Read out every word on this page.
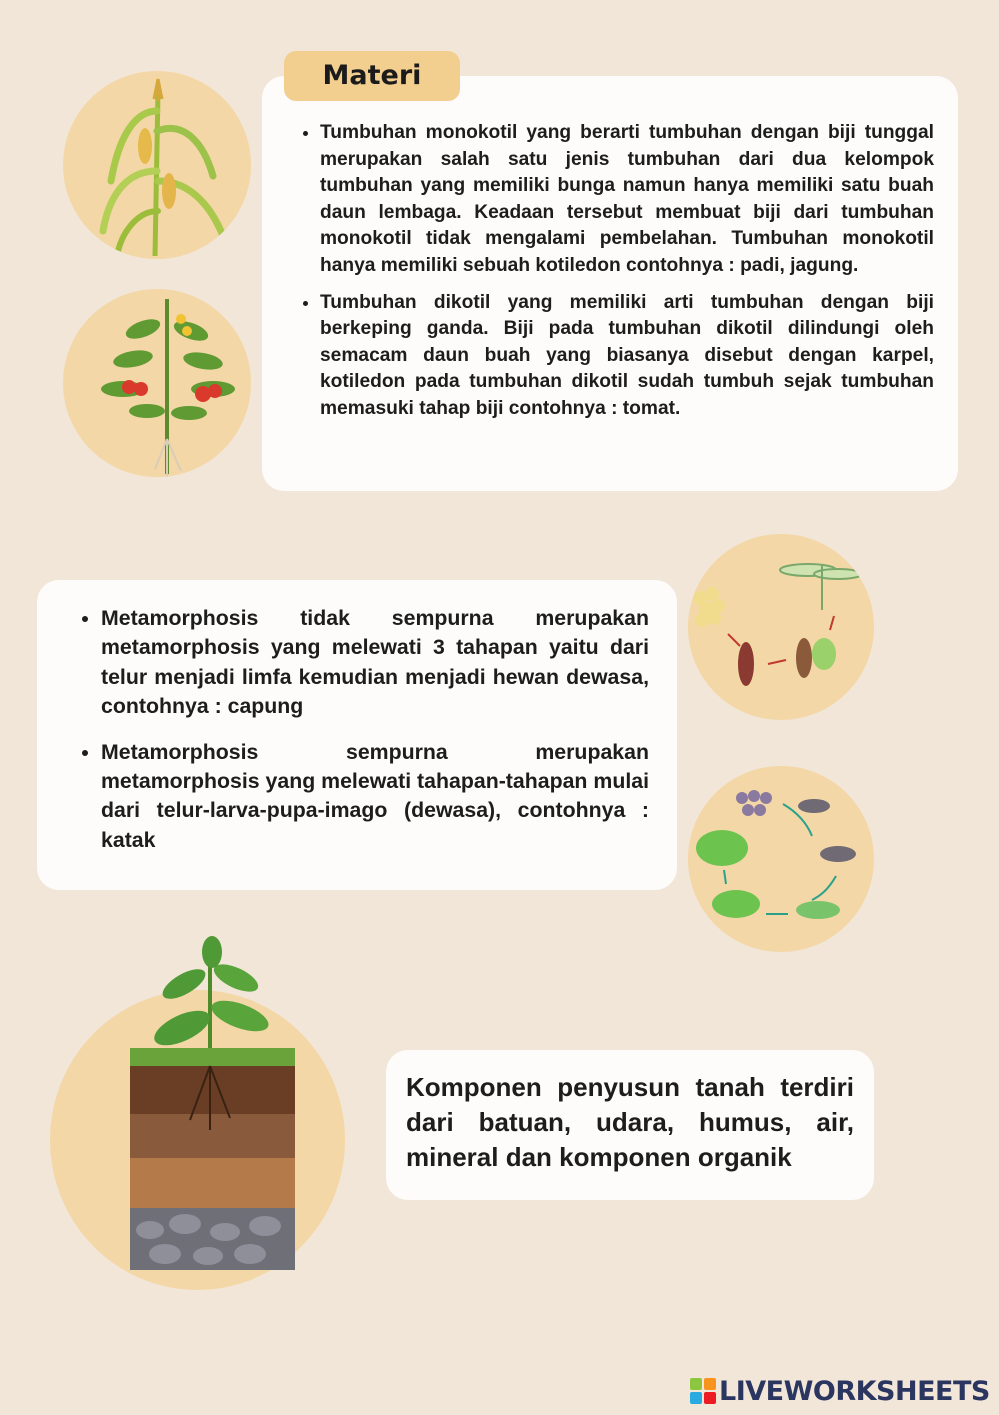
• Tumbuhan monokotil yang berarti tumbuhan dengan biji tunggal merupakan salah satu jenis tumbuhan dari dua kelompok tumbuhan yang memiliki bunga namun hanya memiliki satu buah daun lembaga. Keadaan tersebut membuat biji dari tumbuhan monokotil tidak mengalami pembelahan. Tumbuhan monokotil hanya memiliki sebuah kotiledon contohnya : padi, jagung.
• Tumbuhan dikotil yang memiliki arti tumbuhan dengan biji berkeping ganda. Biji pada tumbuhan dikotil dilindungi oleh semacam daun buah yang biasanya disebut dengan karpel, kotiledon pada tumbuhan dikotil sudah tumbuh sejak tumbuhan memasuki tahap biji contohnya : tomat.
Materi
• Metamorphosis tidak sempurna merupakan metamorphosis yang melewati 3 tahapan yaitu dari telur menjadi limfa kemudian menjadi hewan dewasa, contohnya : capung
• Metamorphosis sempurna merupakan metamorphosis yang melewati tahapan-tahapan mulai dari telur-larva-pupa-imago (dewasa), contohnya : katak

Komponen penyusun tanah terdiri dari batuan, udara, humus, air, mineral dan komponen organik

LIVEWORKSHEETS
